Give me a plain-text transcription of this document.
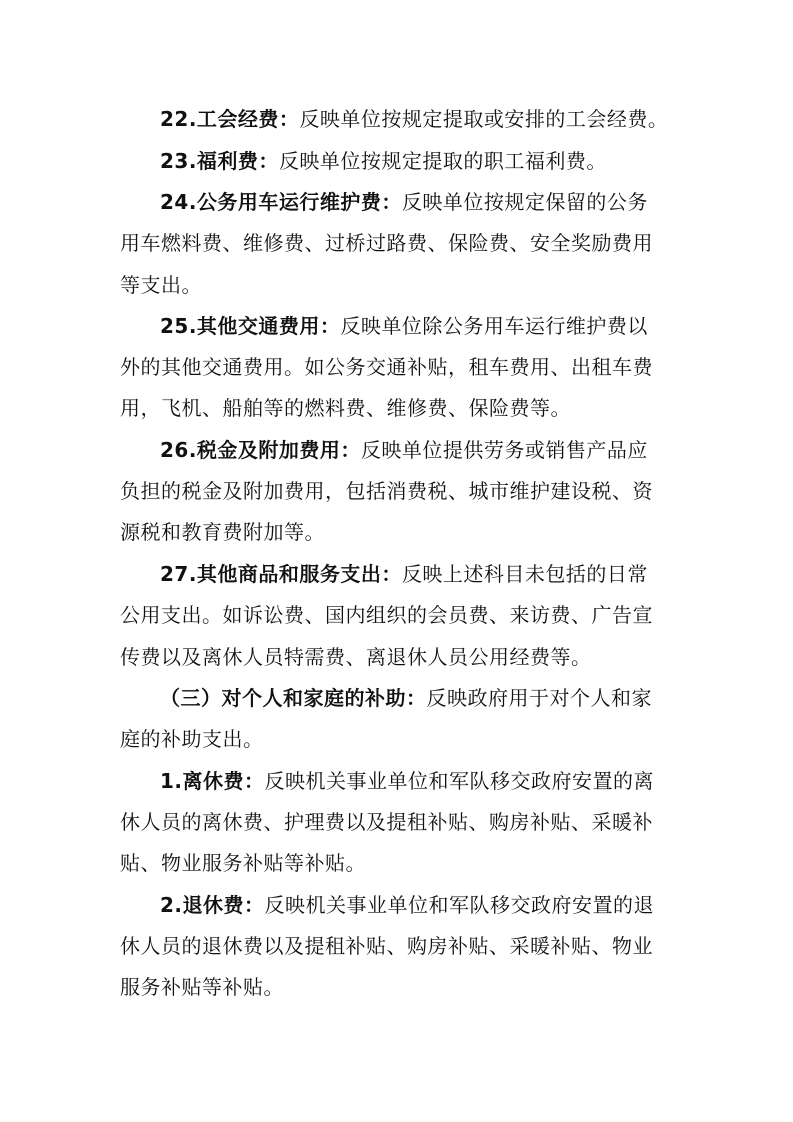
22.工会经费：反映单位按规定提取或安排的工会经费。
23.福利费：反映单位按规定提取的职工福利费。
24.公务用车运行维护费：反映单位按规定保留的公务
用车燃料费、维修费、过桥过路费、保险费、安全奖励费用
等支出。
25.其他交通费用：反映单位除公务用车运行维护费以
外的其他交通费用。如公务交通补贴，租车费用、出租车费
用，飞机、船舶等的燃料费、维修费、保险费等。
26.税金及附加费用：反映单位提供劳务或销售产品应
负担的税金及附加费用，包括消费税、城市维护建设税、资
源税和教育费附加等。
27.其他商品和服务支出：反映上述科目未包括的日常
公用支出。如诉讼费、国内组织的会员费、来访费、广告宣
传费以及离休人员特需费、离退休人员公用经费等。
（三）对个人和家庭的补助：反映政府用于对个人和家
庭的补助支出。
1.离休费：反映机关事业单位和军队移交政府安置的离
休人员的离休费、护理费以及提租补贴、购房补贴、采暖补
贴、物业服务补贴等补贴。
2.退休费：反映机关事业单位和军队移交政府安置的退
休人员的退休费以及提租补贴、购房补贴、采暖补贴、物业
服务补贴等补贴。
